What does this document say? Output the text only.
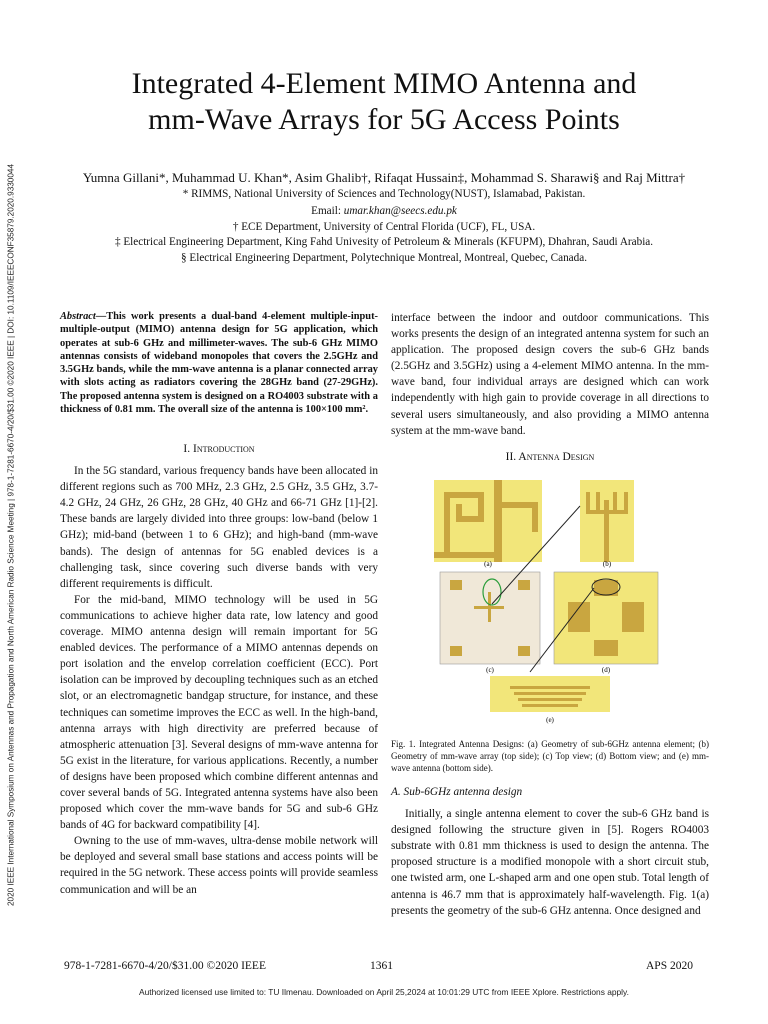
2020 IEEE International Symposium on Antennas and Propagation and North American Radio Science Meeting | 978-1-7281-6670-4/20/$31.00 ©2020 IEEE | DOI: 10.1109/IEEECONF35879.2020.9330044
Integrated 4-Element MIMO Antenna and
mm-Wave Arrays for 5G Access Points
Yumna Gillani*, Muhammad U. Khan*, Asim Ghalib†, Rifaqat Hussain‡, Mohammad S. Sharawi§ and Raj Mittra†
* RIMMS, National University of Sciences and Technology(NUST), Islamabad, Pakistan.
Email: umar.khan@seecs.edu.pk
† ECE Department, University of Central Florida (UCF), FL, USA.
‡ Electrical Engineering Department, King Fahd Univesity of Petroleum & Minerals (KFUPM), Dhahran, Saudi Arabia.
§ Electrical Engineering Department, Polytechnique Montreal, Montreal, Quebec, Canada.
Abstract—This work presents a dual-band 4-element multiple-input-multiple-output (MIMO) antenna design for 5G application, which operates at sub-6 GHz and millimeter-waves. The sub-6 GHz MIMO antennas consists of wideband monopoles that covers the 2.5GHz and 3.5GHz bands, while the mm-wave antenna is a planar connected array with slots acting as radiators covering the 28GHz band (27-29GHz). The proposed antenna system is designed on a RO4003 substrate with a thickness of 0.81 mm. The overall size of the antenna is 100×100 mm².

I. Introduction

In the 5G standard, various frequency bands have been allocated in different regions such as 700 MHz, 2.3 GHz, 2.5 GHz, 3.5 GHz, 3.7-4.2 GHz, 24 GHz, 26 GHz, 28 GHz, 40 GHz and 66-71 GHz [1]-[2]. These bands are largely divided into three groups: low-band (below 1 GHz); mid-band (between 1 to 6 GHz); and high-band (mm-wave bands). The design of antennas for 5G enabled devices is a challenging task, since covering such diverse bands with very different requirements is difficult.

For the mid-band, MIMO technology will be used in 5G communications to achieve higher data rate, low latency and good coverage. MIMO antenna design will remain important for 5G enabled devices. The performance of a MIMO antennas depends on port isolation and the envelop correlation coefficient (ECC). Port isolation can be improved by decoupling techniques such as an etched slot, or an electromagnetic bandgap structure, for instance, and these techniques can sometime improves the ECC as well. In the high-band, antenna arrays with high directivity are preferred because of atmospheric attenuation [3]. Several designs of mm-wave antenna for 5G exist in the literature, for various applications. Recently, a number of designs have been proposed which combine different antennas and cover several bands of 5G. Integrated antenna systems have also been proposed which cover the mm-wave bands for 5G and sub-6 GHz bands of 4G for backward compatibility [4].

Owning to the use of mm-waves, ultra-dense mobile network will be deployed and several small base stations and access points will be required in the 5G network. These access points will provide seamless communication and will be an

interface between the indoor and outdoor communications. This works presents the design of an integrated antenna system for such an application. The proposed design covers the sub-6 GHz bands (2.5GHz and 3.5GHz) using a 4-element MIMO antenna. In the mm-wave band, four individual arrays are designed which can work independently with high gain to provide coverage in all directions to several users simultaneously, and also providing a MIMO antenna system at the mm-wave band.

II. Antenna Design

(a)	(b)
(c)	(d)
(e)
Fig. 1. Integrated Antenna Designs: (a) Geometry of sub-6GHz antenna element; (b) Geometry of mm-wave array (top side); (c) Top view; (d) Bottom view; and (e) mm-wave antenna (bottom side).

A. Sub-6GHz antenna design

Initially, a single antenna element to cover the sub-6 GHz band is designed following the structure given in [5]. Rogers RO4003 substrate with 0.81 mm thickness is used to design the antenna. The proposed structure is a modified monopole with a short circuit stub, one twisted arm, one L-shaped arm and one open stub. Total length of antenna is 46.7 mm that is approximately half-wavelength. Fig. 1(a) presents the geometry of the sub-6 GHz antenna. Once designed and

978-1-7281-6670-4/20/$31.00 ©2020 IEEE	1361	APS 2020
Authorized licensed use limited to: TU Ilmenau. Downloaded on April 25,2024 at 10:01:29 UTC from IEEE Xplore. Restrictions apply.
